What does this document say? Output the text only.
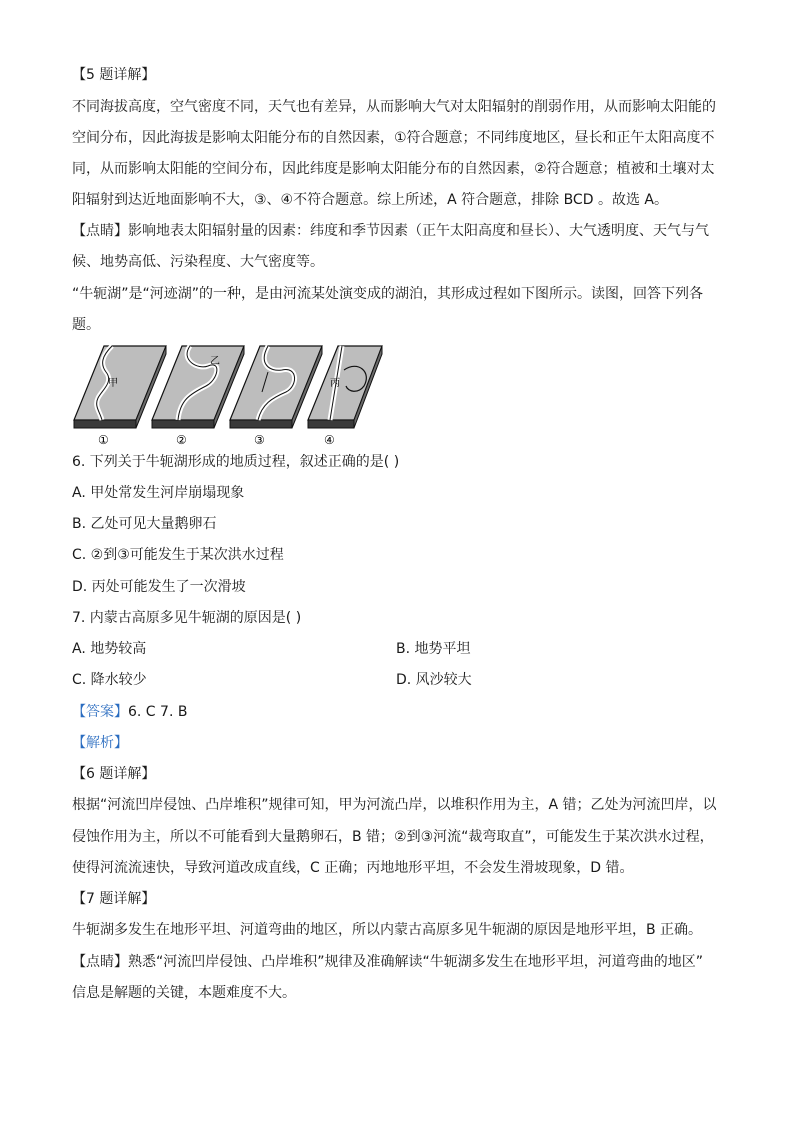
【5 题详解】
不同海拔高度，空气密度不同，天气也有差异，从而影响大气对太阳辐射的削弱作用，从而影响太阳能的
空间分布，因此海拔是影响太阳能分布的自然因素，①符合题意；不同纬度地区，昼长和正午太阳高度不
同，从而影响太阳能的空间分布，因此纬度是影响太阳能分布的自然因素，②符合题意；植被和土壤对太
阳辐射到达近地面影响不大，③、④不符合题意。综上所述，A 符合题意，排除 BCD 。故选 A。
【点睛】影响地表太阳辐射量的因素：纬度和季节因素（正午太阳高度和昼长）、大气透明度、天气与气
候、地势高低、污染程度、大气密度等。
“牛轭湖”是“河迹湖”的一种，是由河流某处演变成的湖泊，其形成过程如下图所示。读图，回答下列各
题。
甲
乙
丙
①	②	③	④
6. 下列关于牛轭湖形成的地质过程，叙述正确的是( )
A. 甲处常发生河岸崩塌现象
B. 乙处可见大量鹅卵石
C. ②到③可能发生于某次洪水过程
D. 丙处可能发生了一次滑坡
7. 内蒙古高原多见牛轭湖的原因是( )
A. 地势较高	B. 地势平坦
C. 降水较少	D. 风沙较大
【答案】6. C 7. B
【解析】
【6 题详解】
根据“河流凹岸侵蚀、凸岸堆积”规律可知，甲为河流凸岸，以堆积作用为主，A 错；乙处为河流凹岸，以
侵蚀作用为主，所以不可能看到大量鹅卵石，B 错；②到③河流“裁弯取直”，可能发生于某次洪水过程，
使得河流流速快，导致河道改成直线，C 正确；丙地地形平坦，不会发生滑坡现象，D 错。
【7 题详解】
牛轭湖多发生在地形平坦、河道弯曲的地区，所以内蒙古高原多见牛轭湖的原因是地形平坦，B 正确。
【点睛】熟悉“河流凹岸侵蚀、凸岸堆积”规律及准确解读“牛轭湖多发生在地形平坦，河道弯曲的地区”
信息是解题的关键，本题难度不大。
